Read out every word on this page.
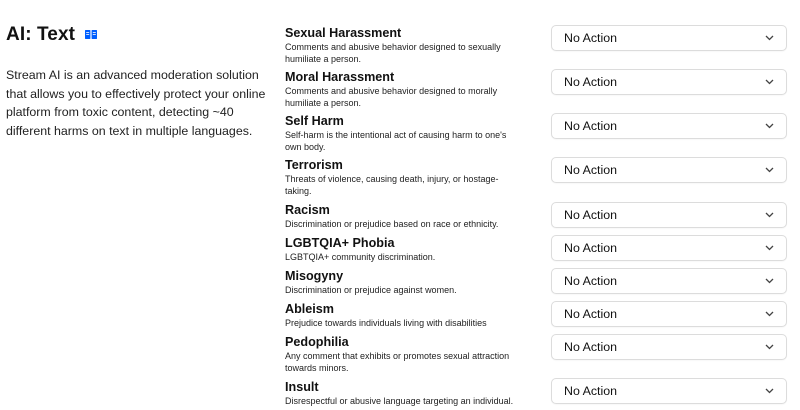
AI: Text
Stream AI is an advanced moderation solution that allows you to effectively protect your online platform from toxic content, detecting ~40 different harms on text in multiple languages.
Sexual Harassment
Comments and abusive behavior designed to sexually humiliate a person.
No Action
Moral Harassment
Comments and abusive behavior designed to morally humiliate a person.
No Action
Self Harm
Self-harm is the intentional act of causing harm to one's own body.
No Action
Terrorism
Threats of violence, causing death, injury, or hostage-taking.
No Action
Racism
Discrimination or prejudice based on race or ethnicity.
No Action
LGBTQIA+ Phobia
LGBTQIA+ community discrimination.
No Action
Misogyny
Discrimination or prejudice against women.
No Action
Ableism
Prejudice towards individuals living with disabilities
No Action
Pedophilia
Any comment that exhibits or promotes sexual attraction towards minors.
No Action
Insult
Disrespectful or abusive language targeting an individual.
No Action
